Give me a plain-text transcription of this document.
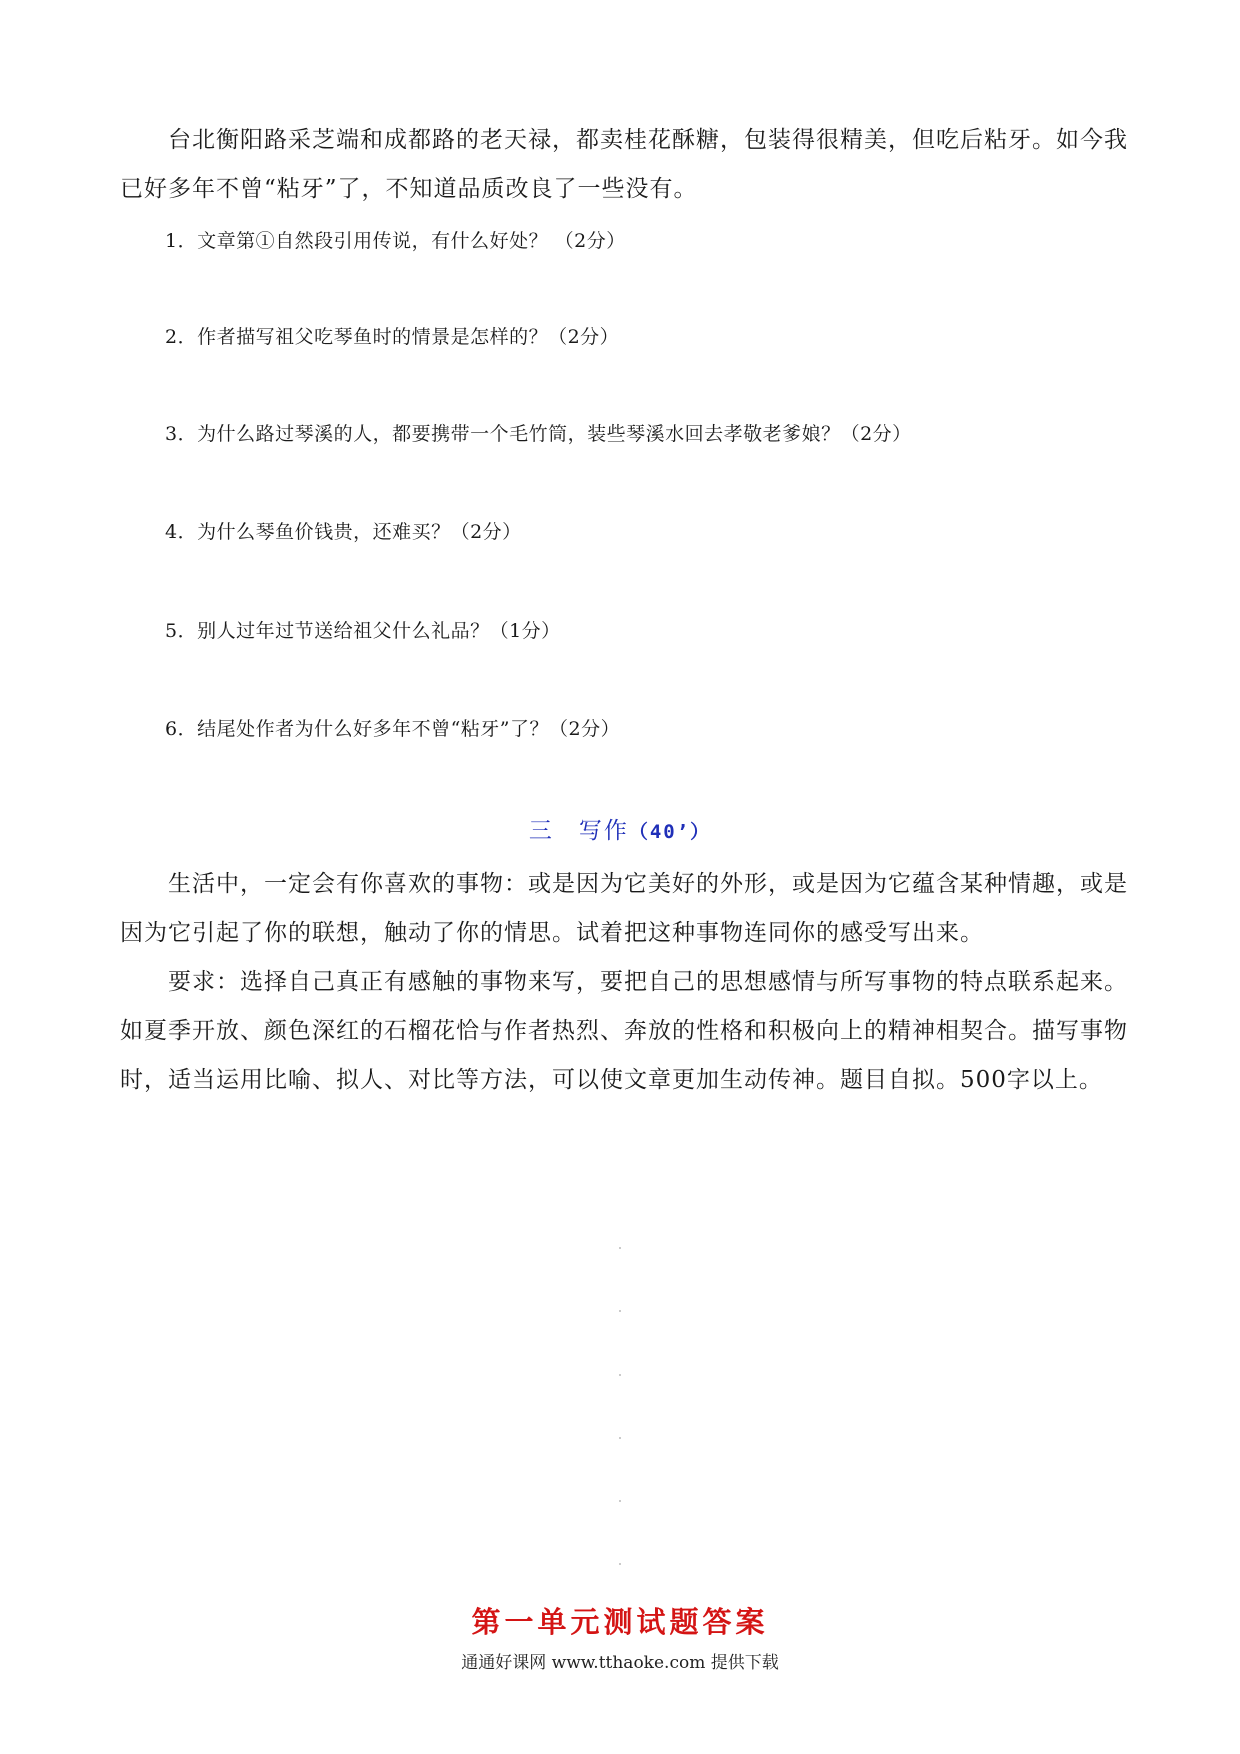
台北衡阳路采芝端和成都路的老天禄，都卖桂花酥糖，包装得很精美，但吃后粘牙。如今我已好多年不曾“粘牙”了，不知道品质改良了一些没有。

1．文章第①自然段引用传说，有什么好处？ （2分）

2．作者描写祖父吃琴鱼时的情景是怎样的？（2分）

3．为什么路过琴溪的人，都要携带一个毛竹筒，装些琴溪水回去孝敬老爹娘？（2分）

4．为什么琴鱼价钱贵，还难买？（2分）

5．别人过年过节送给祖父什么礼品？（1分）

6．结尾处作者为什么好多年不曾“粘牙”了？（2分）

三　写作（40’）

生活中，一定会有你喜欢的事物：或是因为它美好的外形，或是因为它蕴含某种情趣，或是因为它引起了你的联想，触动了你的情思。试着把这种事物连同你的感受写出来。

要求：选择自己真正有感触的事物来写，要把自己的思想感情与所写事物的特点联系起来。如夏季开放、颜色深红的石榴花恰与作者热烈、奔放的性格和积极向上的精神相契合。描写事物时，适当运用比喻、拟人、对比等方法，可以使文章更加生动传神。题目自拟。500字以上。

第一单元测试题答案

通通好课网 www.tthaoke.com 提供下载
